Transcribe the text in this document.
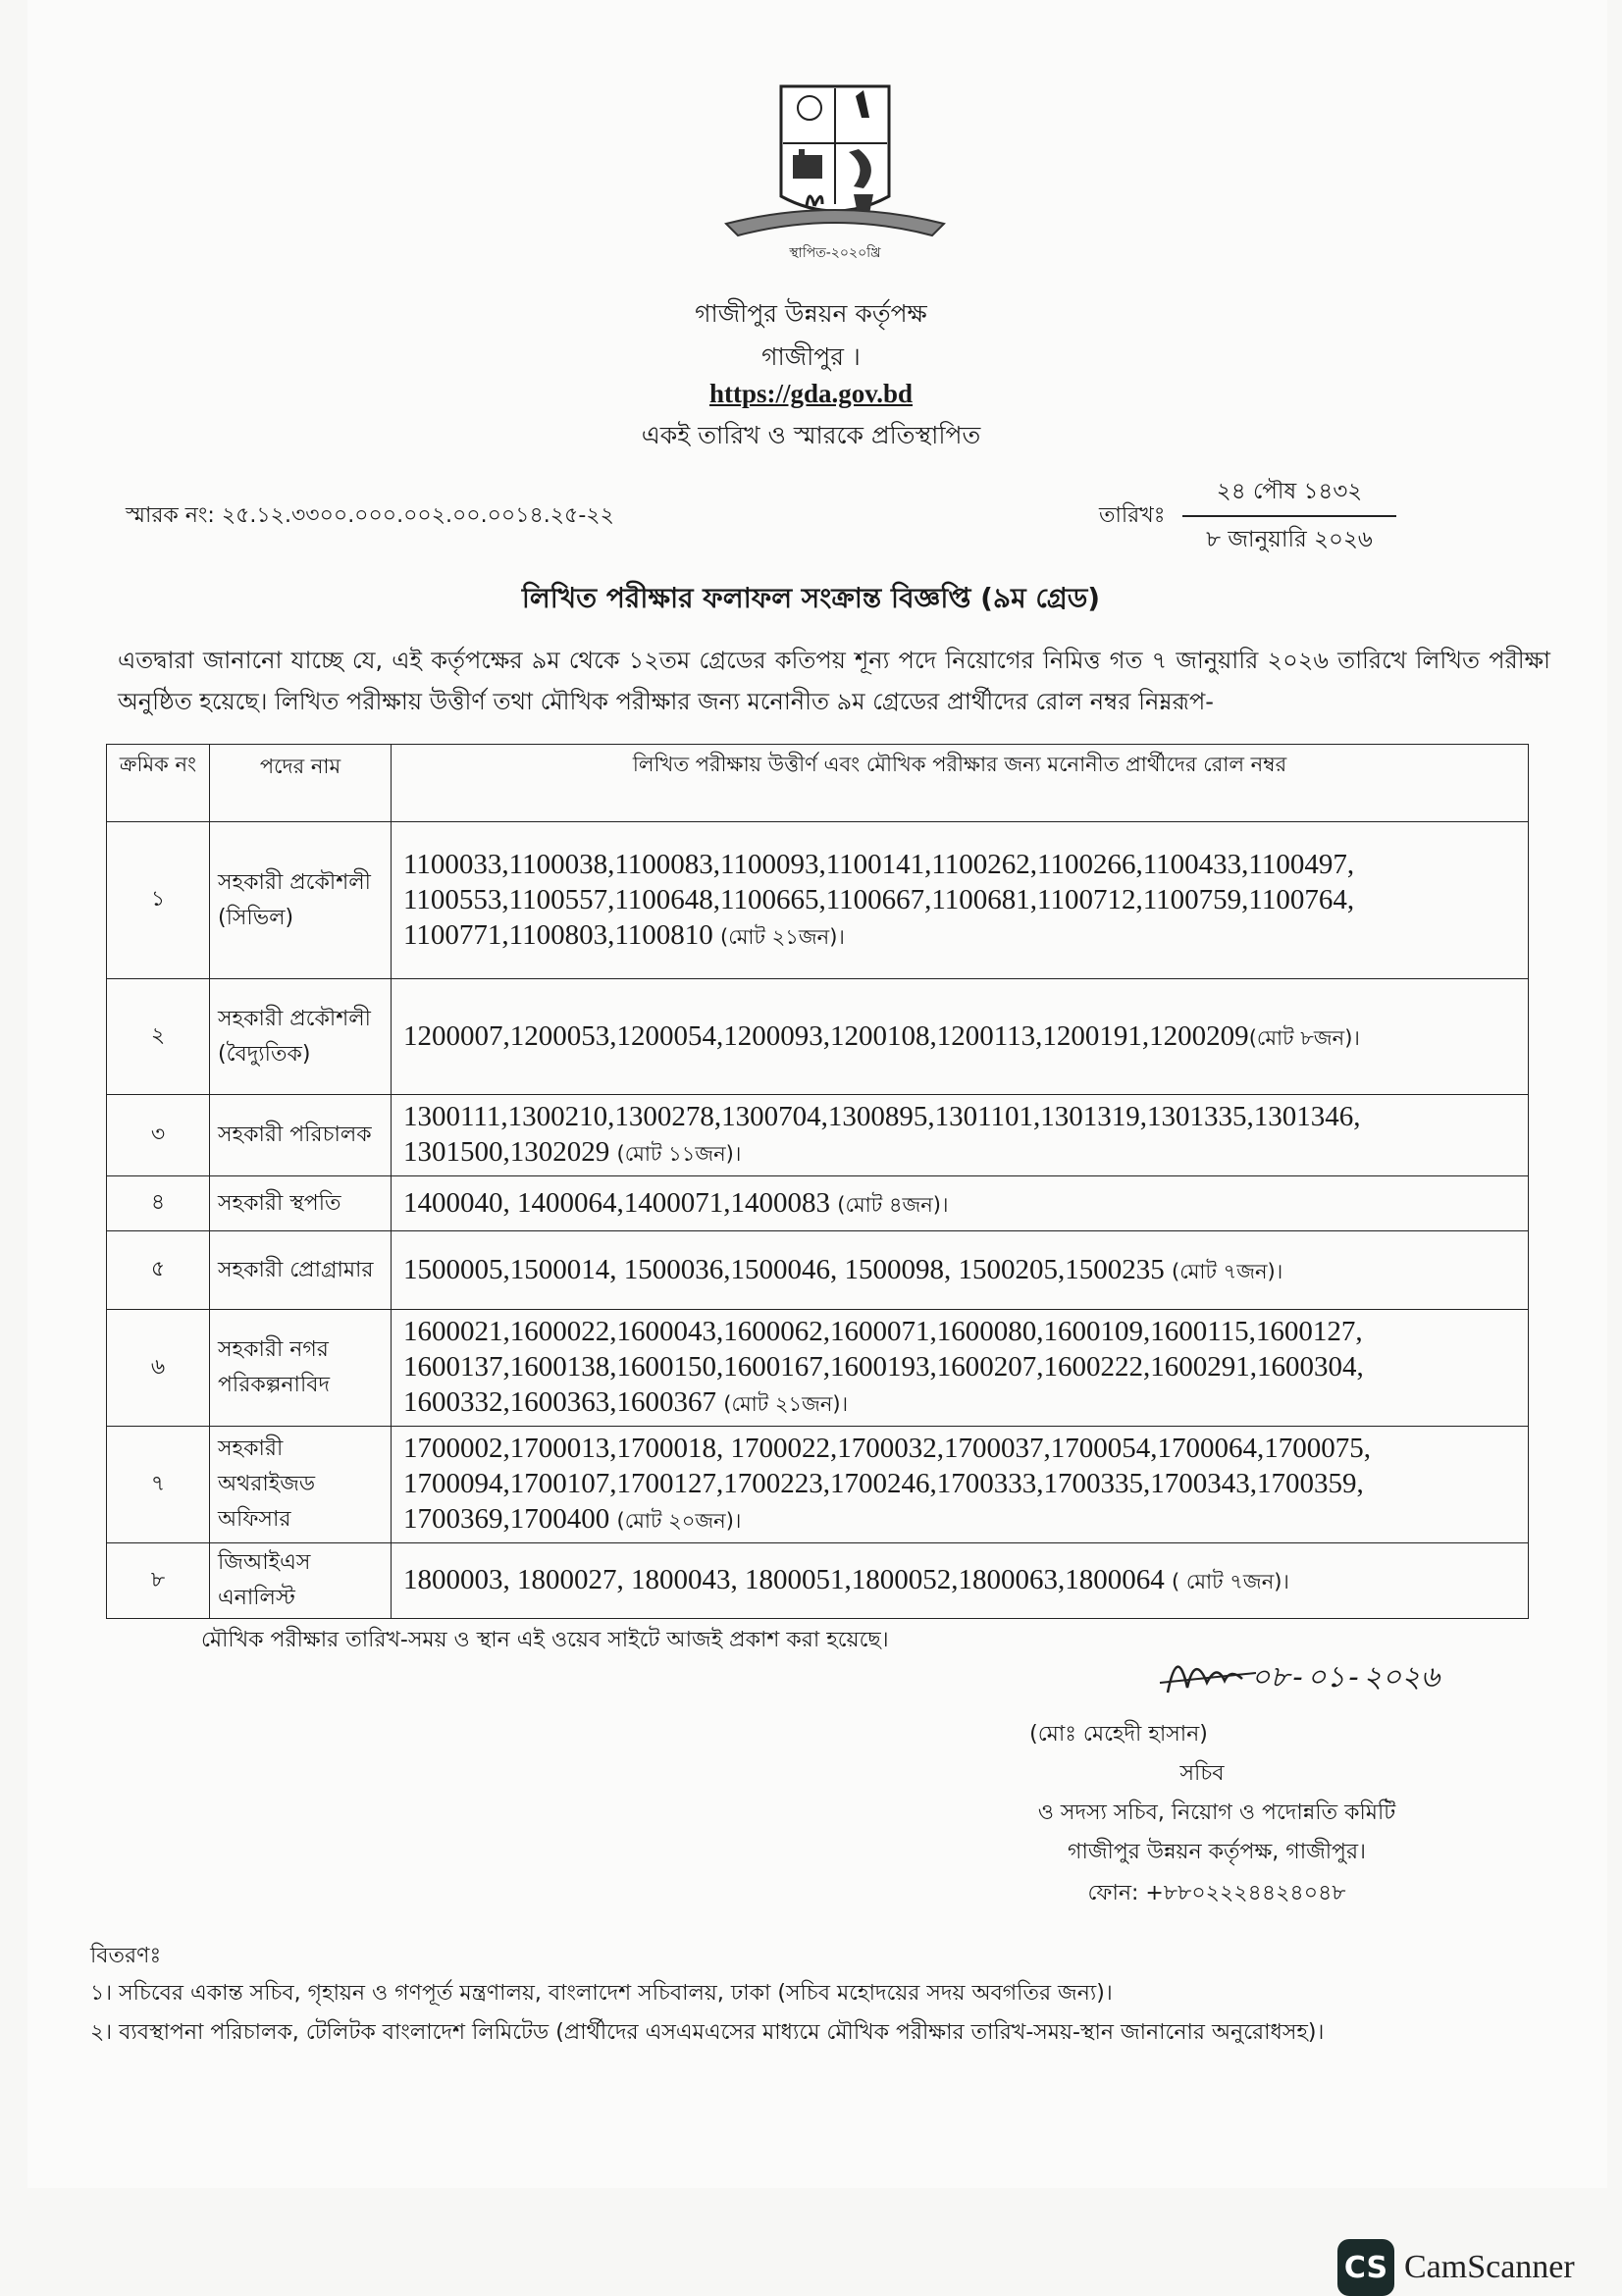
স্থাপিত-২০২০খ্রি
গাজীপুর উন্নয়ন কর্তৃপক্ষ
গাজীপুর ।
https://gda.gov.bd
একই তারিখ ও স্মারকে প্রতিস্থাপিত
স্মারক নং: ২৫.১২.৩৩০০.০০০.০০২.০০.০০১৪.২৫-২২	তারিখঃ
২৪ পৌষ ১৪৩২
৮ জানুয়ারি ২০২৬
লিখিত পরীক্ষার ফলাফল সংক্রান্ত বিজ্ঞপ্তি (৯ম গ্রেড)
এতদ্বারা জানানো যাচ্ছে যে, এই কর্তৃপক্ষের ৯ম থেকে ১২তম গ্রেডের কতিপয় শূন্য পদে নিয়োগের নিমিত্ত গত ৭ জানুয়ারি ২০২৬ তারিখে লিখিত পরীক্ষা অনুষ্ঠিত হয়েছে। লিখিত পরীক্ষায় উত্তীর্ণ তথা মৌখিক পরীক্ষার জন্য মনোনীত ৯ম গ্রেডের প্রার্থীদের রোল নম্বর নিম্নরূপ-
ক্রমিক নং	পদের নাম	লিখিত পরীক্ষায় উত্তীর্ণ এবং মৌখিক পরীক্ষার জন্য মনোনীত প্রার্থীদের রোল নম্বর
১	সহকারী প্রকৌশলী (সিভিল)	1100033,1100038,1100083,1100093,1100141,1100262,1100266,1100433,1100497, 1100553,1100557,1100648,1100665,1100667,1100681,1100712,1100759,1100764, 1100771,1100803,1100810 (মোট ২১জন)।
২	সহকারী প্রকৌশলী (বৈদ্যুতিক)	1200007,1200053,1200054,1200093,1200108,1200113,1200191,1200209(মোট ৮জন)।
৩	সহকারী পরিচালক	1300111,1300210,1300278,1300704,1300895,1301101,1301319,1301335,1301346, 1301500,1302029 (মোট ১১জন)।
৪	সহকারী স্থপতি	1400040, 1400064,1400071,1400083 (মোট ৪জন)।
৫	সহকারী প্রোগ্রামার	1500005,1500014, 1500036,1500046, 1500098, 1500205,1500235 (মোট ৭জন)।
৬	সহকারী নগর পরিকল্পনাবিদ	1600021,1600022,1600043,1600062,1600071,1600080,1600109,1600115,1600127, 1600137,1600138,1600150,1600167,1600193,1600207,1600222,1600291,1600304, 1600332,1600363,1600367 (মোট ২১জন)।
৭	সহকারী অথরাইজড অফিসার	1700002,1700013,1700018, 1700022,1700032,1700037,1700054,1700064,1700075, 1700094,1700107,1700127,1700223,1700246,1700333,1700335,1700343,1700359, 1700369,1700400 (মোট ২০জন)।
৮	জিআইএস এনালিস্ট	1800003, 1800027, 1800043, 1800051,1800052,1800063,1800064 ( মোট ৭জন)।
মৌখিক পরীক্ষার তারিখ-সময় ও স্থান এই ওয়েব সাইটে আজই প্রকাশ করা হয়েছে।
০৮-০১-২০২৬
(মোঃ মেহেদী হাসান)
সচিব
ও সদস্য সচিব, নিয়োগ ও পদোন্নতি কমিটি
গাজীপুর উন্নয়ন কর্তৃপক্ষ, গাজীপুর।
ফোন: +৮৮০২২২৪৪২৪০৪৮
বিতরণঃ
১। সচিবের একান্ত সচিব, গৃহায়ন ও গণপূর্ত মন্ত্রণালয়, বাংলাদেশ সচিবালয়, ঢাকা (সচিব মহোদয়ের সদয় অবগতির জন্য)।
২। ব্যবস্থাপনা পরিচালক, টেলিটক বাংলাদেশ লিমিটেড (প্রার্থীদের এসএমএসের মাধ্যমে মৌখিক পরীক্ষার তারিখ-সময়-স্থান জানানোর অনুরোধসহ)।
CS CamScanner
